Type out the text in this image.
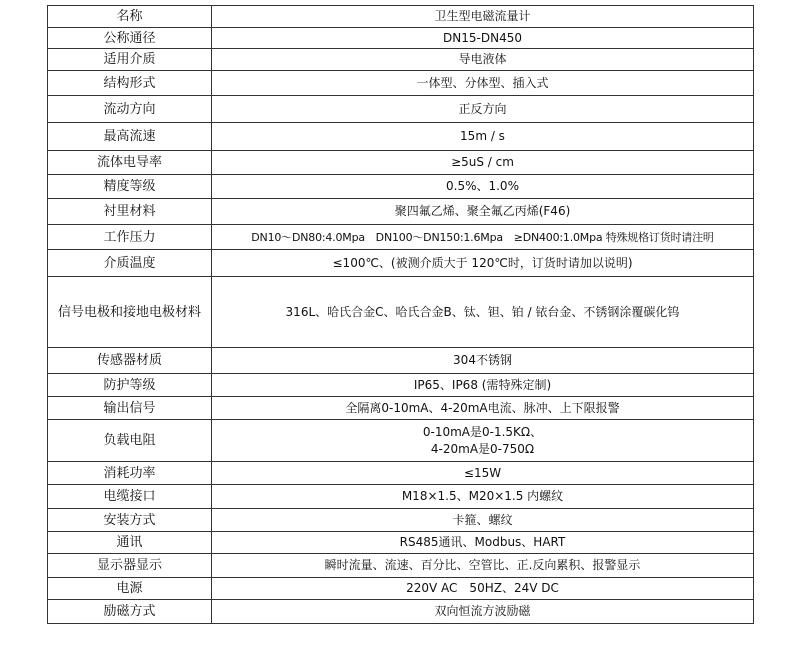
名称	卫生型电磁流量计
公称通径	DN15-DN450
适用介质	导电液体
结构形式	一体型、分体型、插入式
流动方向	正反方向
最高流速	15m / s
流体电导率	≥5uS / cm
精度等级	0.5%、1.0%
衬里材料	聚四氟乙烯、聚全氟乙丙烯(F46)
工作压力	DN10～DN80:4.0Mpa　DN100～DN150:1.6Mpa　≥DN400:1.0Mpa 特殊规格订货时请注明
介质温度	≤100℃、(被测介质大于 120℃时，订货时请加以说明)
信号电极和接地电极材料	316L、哈氏合金C、哈氏合金B、钛、钽、铂 / 铱台金、不锈钢涂覆碳化钨
传感器材质	304不锈钢
防护等级	IP65、IP68 (需特殊定制)
输出信号	全隔离0-10mA、4-20mA电流、脉冲、上下限报警
负载电阻	0-10mA是0-1.5KΩ、
4-20mA是0-750Ω

消耗功率	≤15W
电缆接口	M18×1.5、M20×1.5 内螺纹
安装方式	卡箍、螺纹
通讯	RS485通讯、Modbus、HART
显示器显示	瞬时流量、流速、百分比、空管比、正.反向累积、报警显示
电源	220V AC　50HZ、24V DC
励磁方式	双向恒流方波励磁
